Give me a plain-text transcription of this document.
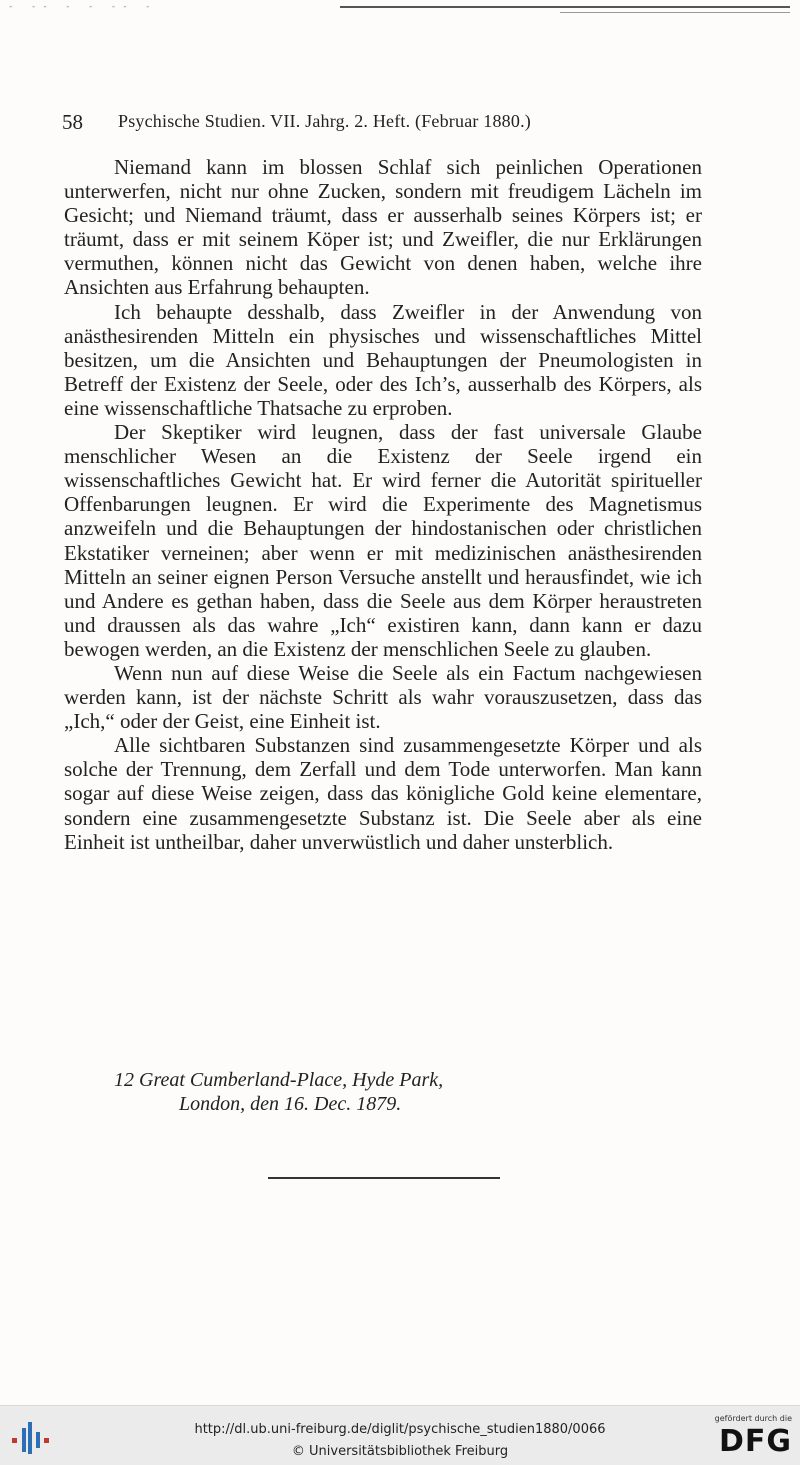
- -- - - -- -
58 Psychische Studien. VII. Jahrg. 2. Heft. (Februar 1880.)

Niemand kann im blossen Schlaf sich peinlichen Operationen unterwerfen, nicht nur ohne Zucken, sondern mit freudigem Lächeln im Gesicht; und Niemand träumt, dass er ausserhalb seines Körpers ist; er träumt, dass er mit seinem Köper ist; und Zweifler, die nur Erklärungen vermuthen, können nicht das Gewicht von denen haben, welche ihre Ansichten aus Erfahrung behaupten.

Ich behaupte desshalb, dass Zweifler in der Anwendung von anästhesirenden Mitteln ein physisches und wissenschaftliches Mittel besitzen, um die Ansichten und Behauptungen der Pneumologisten in Betreff der Existenz der Seele, oder des Ich’s, ausserhalb des Körpers, als eine wissenschaftliche Thatsache zu erproben.

Der Skeptiker wird leugnen, dass der fast universale Glaube menschlicher Wesen an die Existenz der Seele irgend ein wissenschaftliches Gewicht hat. Er wird ferner die Autorität spiritueller Offenbarungen leugnen. Er wird die Experimente des Magnetismus anzweifeln und die Behauptungen der hindostanischen oder christlichen Ekstatiker verneinen; aber wenn er mit medizinischen anästhesirenden Mitteln an seiner eignen Person Versuche anstellt und herausfindet, wie ich und Andere es gethan haben, dass die Seele aus dem Körper heraustreten und draussen als das wahre „Ich“ existiren kann, dann kann er dazu bewogen werden, an die Existenz der menschlichen Seele zu glauben.

Wenn nun auf diese Weise die Seele als ein Factum nachgewiesen werden kann, ist der nächste Schritt als wahr vorauszusetzen, dass das „Ich,“ oder der Geist, eine Einheit ist.

Alle sichtbaren Substanzen sind zusammengesetzte Körper und als solche der Trennung, dem Zerfall und dem Tode unterworfen. Man kann sogar auf diese Weise zeigen, dass das königliche Gold keine elementare, sondern eine zusammengesetzte Substanz ist. Die Seele aber als eine Einheit ist untheilbar, daher unverwüstlich und daher unsterblich.

12 Great Cumberland-Place, Hyde Park,
London, den 16. Dec. 1879.
http://dl.ub.uni-freiburg.de/diglit/psychische_studien1880/0066
© Universitätsbibliothek Freiburg
gefördert durch die
DFG
